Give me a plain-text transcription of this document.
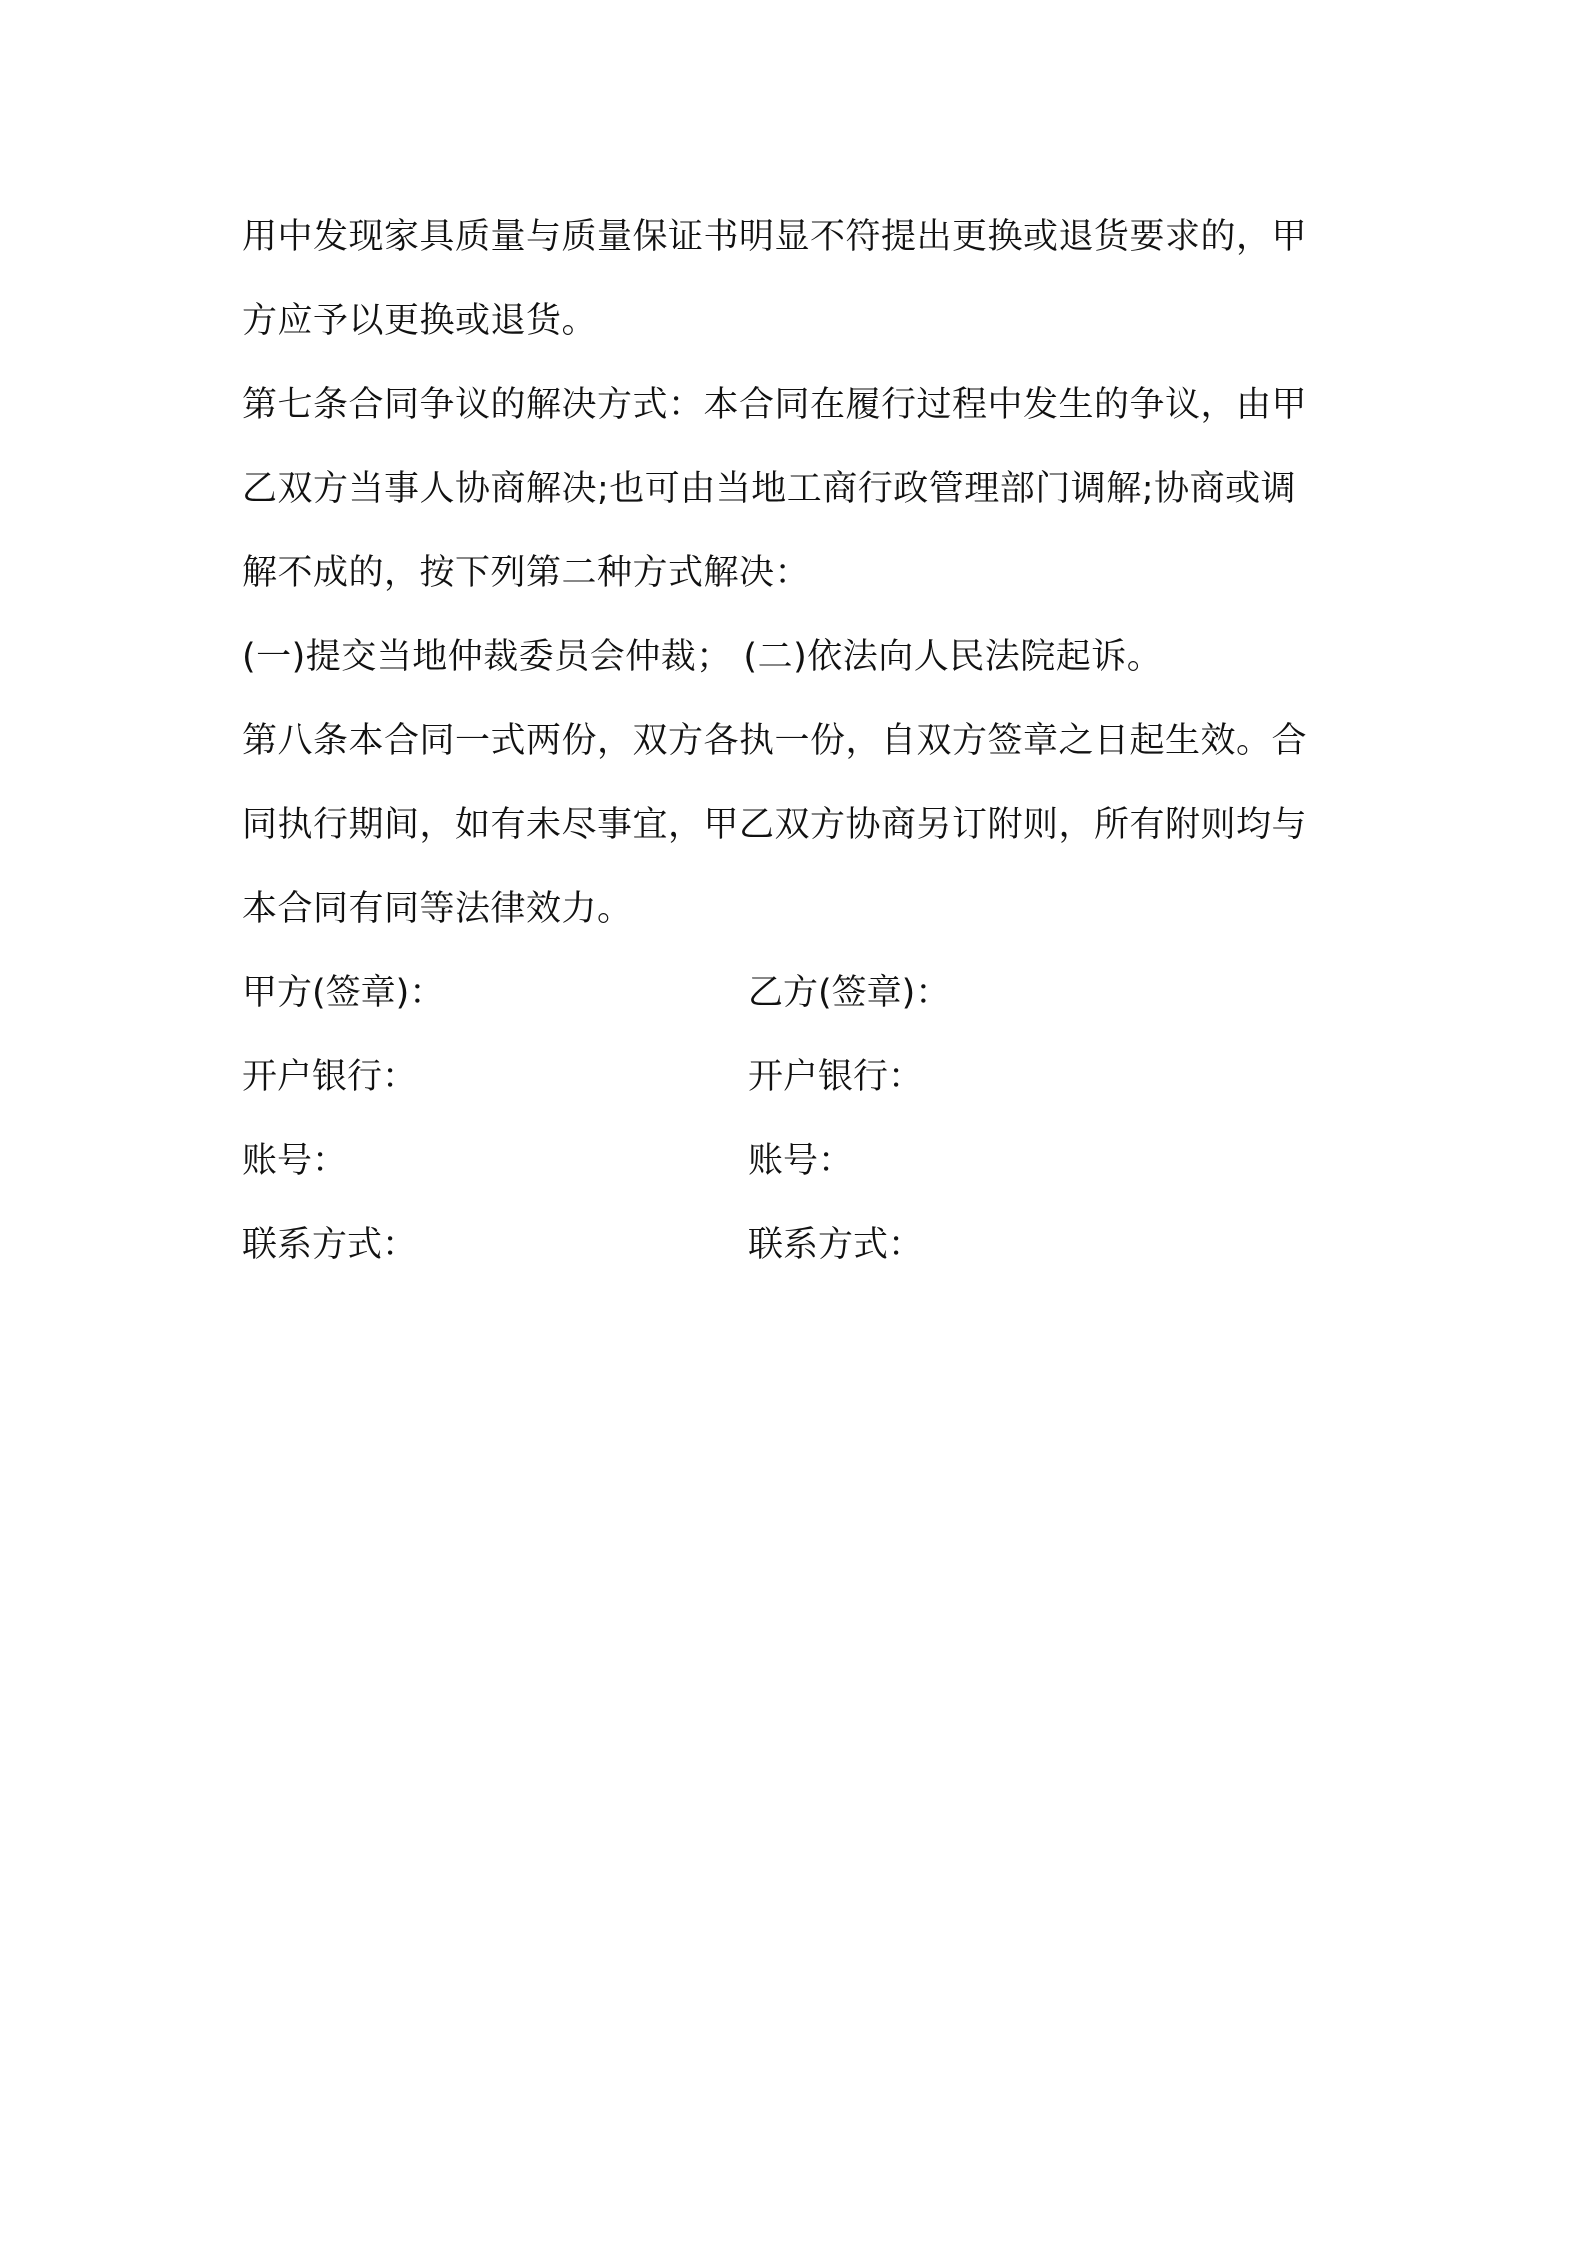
用中发现家具质量与质量保证书明显不符提出更换或退货要求的，甲
方应予以更换或退货。
第七条合同争议的解决方式：本合同在履行过程中发生的争议，由甲
乙双方当事人协商解决;也可由当地工商行政管理部门调解;协商或调
解不成的，按下列第二种方式解决：
(一)提交当地仲裁委员会仲裁； (二)依法向人民法院起诉。
第八条本合同一式两份，双方各执一份，自双方签章之日起生效。合
同执行期间，如有未尽事宜，甲乙双方协商另订附则，所有附则均与
本合同有同等法律效力。
甲方(签章)：	乙方(签章)：
开户银行：	开户银行：
账号：	账号：
联系方式：	联系方式：
